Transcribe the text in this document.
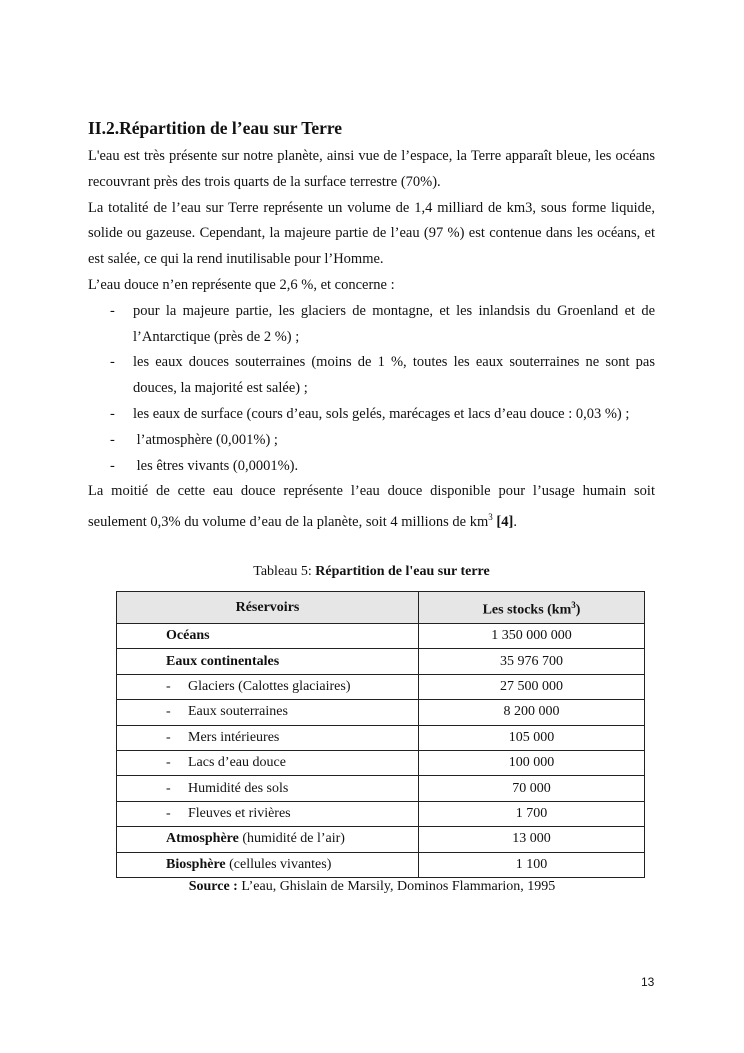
II.2.Répartition de l’eau sur Terre

L'eau est très présente sur notre planète, ainsi vue de l’espace, la Terre apparaît bleue, les océans recouvrant près des trois quarts de la surface terrestre (70%).

La totalité de l’eau sur Terre représente un volume de 1,4 milliard de km3, sous forme liquide, solide ou gazeuse. Cependant, la majeure partie de l’eau (97 %) est contenue dans les océans, et est salée, ce qui la rend inutilisable pour l’Homme.

L’eau douce n’en représente que 2,6 %, et concerne :

- pour la majeure partie, les glaciers de montagne, et les inlandsis du Groenland et de l’Antarctique (près de 2 %) ;
- les eaux douces souterraines (moins de 1 %, toutes les eaux souterraines ne sont pas douces, la majorité est salée) ;
- les eaux de surface (cours d’eau, sols gelés, marécages et lacs d’eau douce : 0,03 %) ;
- l’atmosphère (0,001%) ;
- les êtres vivants (0,0001%).

La moitié de cette eau douce représente l’eau douce disponible pour l’usage humain soit seulement 0,3% du volume d’eau de la planète, soit 4 millions de $km^3$ [4].

Tableau 5: Répartition de l'eau sur terre
Réservoirs	Les stocks $(km^3)$
Océans	1 350 000 000
Eaux continentales	35 976 700
- Glaciers (Calottes glaciaires)	27 500 000
- Eaux souterraines	8 200 000
- Mers intérieures	105 000
- Lacs d’eau douce	100 000
- Humidité des sols	70 000
- Fleuves et rivières	1 700
Atmosphère (humidité de l’air)	13 000
Biosphère (cellules vivantes)	1 100
Source : L’eau, Ghislain de Marsily, Dominos Flammarion, 1995
13
